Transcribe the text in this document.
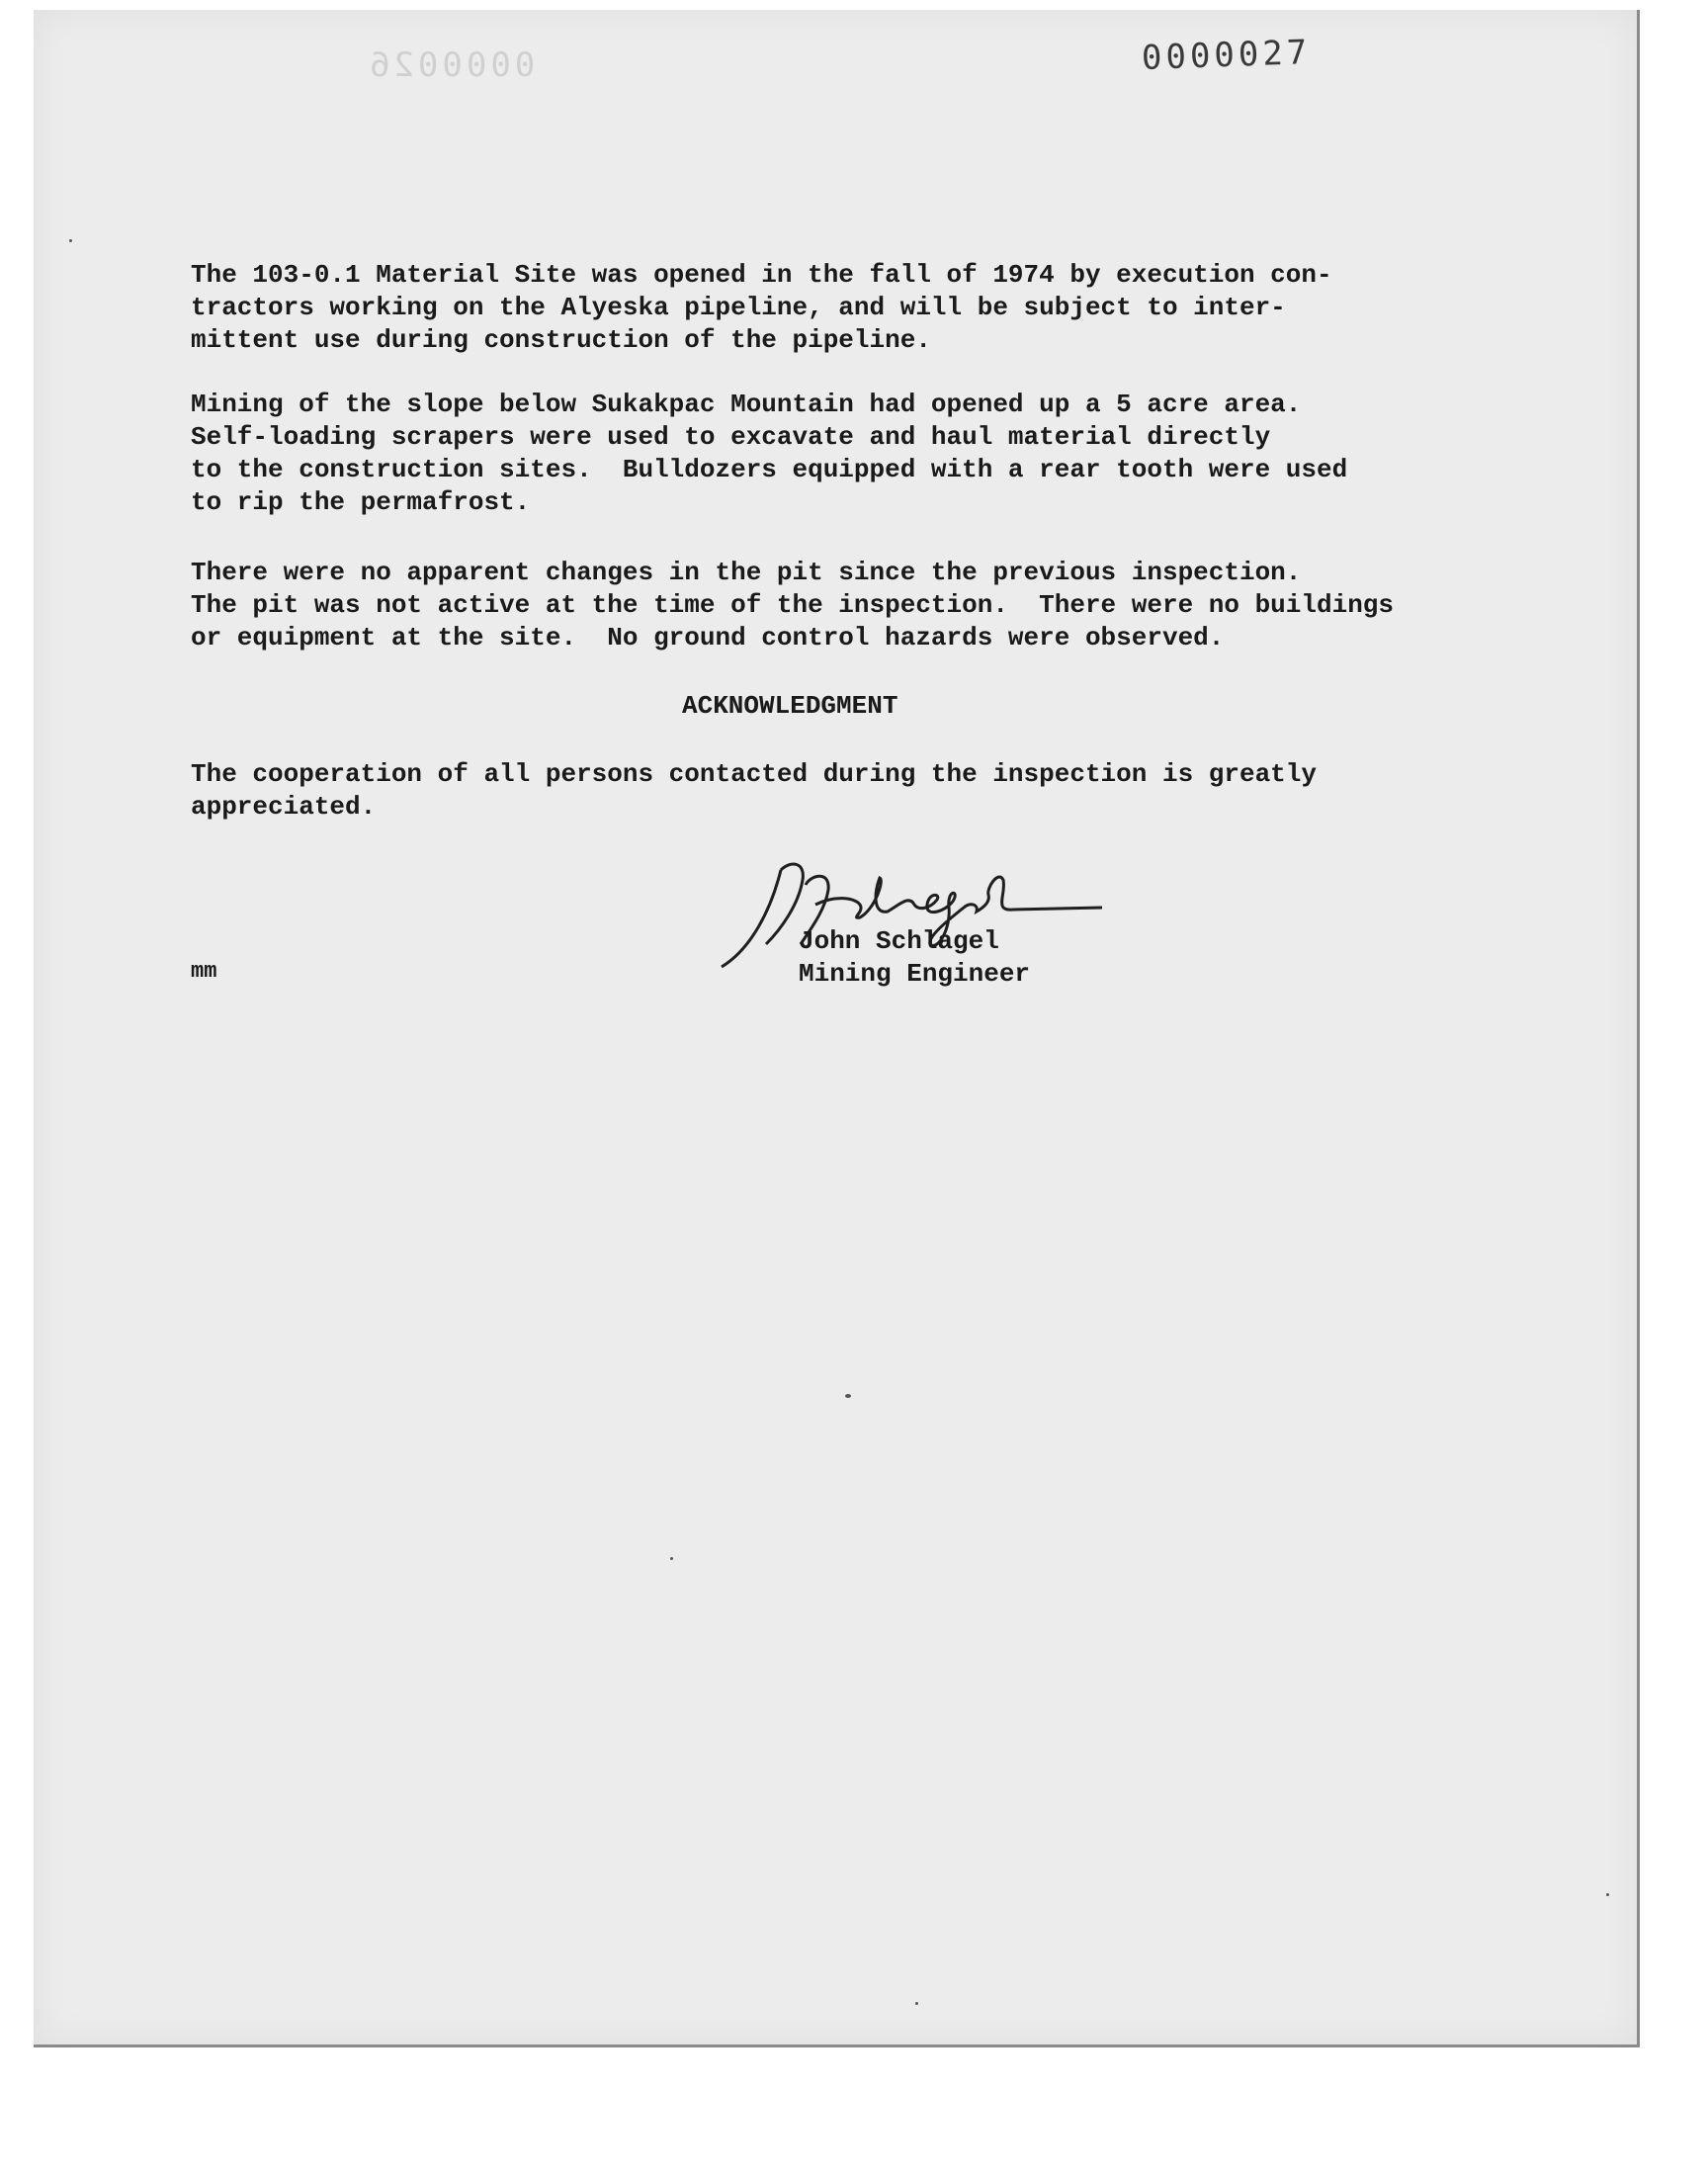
0000026	0000027

The 103-0.1 Material Site was opened in the fall of 1974 by execution con-
tractors working on the Alyeska pipeline, and will be subject to inter-
mittent use during construction of the pipeline.

Mining of the slope below Sukakpac Mountain had opened up a 5 acre area.
Self-loading scrapers were used to excavate and haul material directly
to the construction sites.  Bulldozers equipped with a rear tooth were used
to rip the permafrost.

There were no apparent changes in the pit since the previous inspection.
The pit was not active at the time of the inspection.  There were no buildings
or equipment at the site.  No ground control hazards were observed.

ACKNOWLEDGMENT

The cooperation of all persons contacted during the inspection is greatly
appreciated.

John Schlagel
Mining Engineer
mm
